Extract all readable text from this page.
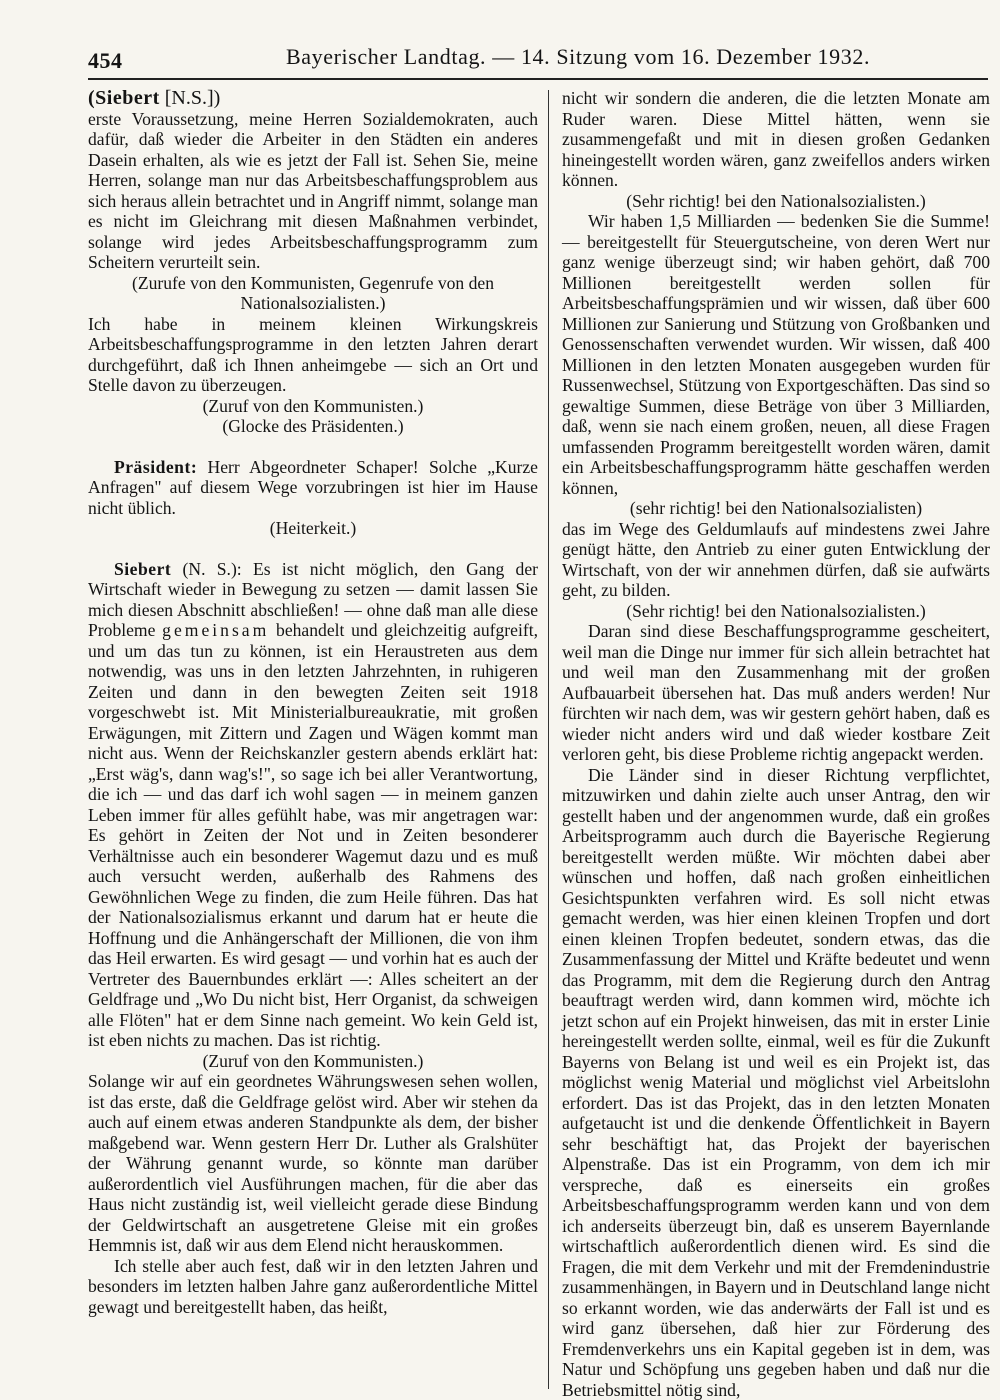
454	Bayerischer Landtag. — 14. Sitzung vom 16. Dezember 1932.

(Siebert [N.S.])

erste Voraussetzung, meine Herren Sozialdemokraten, auch dafür, daß wieder die Arbeiter in den Städten ein anderes Dasein erhalten, als wie es jetzt der Fall ist. Sehen Sie, meine Herren, solange man nur das Arbeitsbeschaffungsproblem aus sich heraus allein betrachtet und in Angriff nimmt, solange man es nicht im Gleichrang mit diesen Maßnahmen verbindet, solange wird jedes Arbeitsbeschaffungsprogramm zum Scheitern verurteilt sein.

(Zurufe von den Kommunisten, Gegenrufe von den Nationalsozialisten.)

Ich habe in meinem kleinen Wirkungskreis Arbeitsbeschaffungsprogramme in den letzten Jahren derart durchgeführt, daß ich Ihnen anheimgebe — sich an Ort und Stelle davon zu überzeugen.

(Zuruf von den Kommunisten.)

(Glocke des Präsidenten.)

Präsident: Herr Abgeordneter Schaper! Solche „Kurze Anfragen" auf diesem Wege vorzubringen ist hier im Hause nicht üblich.

(Heiterkeit.)

Siebert (N. S.): Es ist nicht möglich, den Gang der Wirtschaft wieder in Bewegung zu setzen — damit lassen Sie mich diesen Abschnitt abschließen! — ohne daß man alle diese Probleme gemeinsam behandelt und gleichzeitig aufgreift, und um das tun zu können, ist ein Heraustreten aus dem notwendig, was uns in den letzten Jahrzehnten, in ruhigeren Zeiten und dann in den bewegten Zeiten seit 1918 vorgeschwebt ist. Mit Ministerialbureaukratie, mit großen Erwägungen, mit Zittern und Zagen und Wägen kommt man nicht aus. Wenn der Reichskanzler gestern abends erklärt hat: „Erst wäg's, dann wag's!", so sage ich bei aller Verantwortung, die ich — und das darf ich wohl sagen — in meinem ganzen Leben immer für alles gefühlt habe, was mir angetragen war: Es gehört in Zeiten der Not und in Zeiten besonderer Verhältnisse auch ein besonderer Wagemut dazu und es muß auch versucht werden, außerhalb des Rahmens des Gewöhnlichen Wege zu finden, die zum Heile führen. Das hat der Nationalsozialismus erkannt und darum hat er heute die Hoffnung und die Anhängerschaft der Millionen, die von ihm das Heil erwarten. Es wird gesagt — und vorhin hat es auch der Vertreter des Bauernbundes erklärt —: Alles scheitert an der Geldfrage und „Wo Du nicht bist, Herr Organist, da schweigen alle Flöten" hat er dem Sinne nach gemeint. Wo kein Geld ist, ist eben nichts zu machen. Das ist richtig.

(Zuruf von den Kommunisten.)

Solange wir auf ein geordnetes Währungswesen sehen wollen, ist das erste, daß die Geldfrage gelöst wird. Aber wir stehen da auch auf einem etwas anderen Standpunkte als dem, der bisher maßgebend war. Wenn gestern Herr Dr. Luther als Gralshüter der Währung genannt wurde, so könnte man darüber außerordentlich viel Ausführungen machen, für die aber das Haus nicht zuständig ist, weil vielleicht gerade diese Bindung der Geldwirtschaft an ausgetretene Gleise mit ein großes Hemmnis ist, daß wir aus dem Elend nicht herauskommen.

Ich stelle aber auch fest, daß wir in den letzten Jahren und besonders im letzten halben Jahre ganz außerordentliche Mittel gewagt und bereitgestellt haben, das heißt,

nicht wir sondern die anderen, die die letzten Monate am Ruder waren. Diese Mittel hätten, wenn sie zusammengefaßt und mit in diesen großen Gedanken hineingestellt worden wären, ganz zweifellos anders wirken können.

(Sehr richtig! bei den Nationalsozialisten.)

Wir haben 1,5 Milliarden — bedenken Sie die Summe! — bereitgestellt für Steuergutscheine, von deren Wert nur ganz wenige überzeugt sind; wir haben gehört, daß 700 Millionen bereitgestellt werden sollen für Arbeitsbeschaffungsprämien und wir wissen, daß über 600 Millionen zur Sanierung und Stützung von Großbanken und Genossenschaften verwendet wurden. Wir wissen, daß 400 Millionen in den letzten Monaten ausgegeben wurden für Russenwechsel, Stützung von Exportgeschäften. Das sind so gewaltige Summen, diese Beträge von über 3 Milliarden, daß, wenn sie nach einem großen, neuen, all diese Fragen umfassenden Programm bereitgestellt worden wären, damit ein Arbeitsbeschaffungsprogramm hätte geschaffen werden können,

(sehr richtig! bei den Nationalsozialisten)

das im Wege des Geldumlaufs auf mindestens zwei Jahre genügt hätte, den Antrieb zu einer guten Entwicklung der Wirtschaft, von der wir annehmen dürfen, daß sie aufwärts geht, zu bilden.

(Sehr richtig! bei den Nationalsozialisten.)

Daran sind diese Beschaffungsprogramme gescheitert, weil man die Dinge nur immer für sich allein betrachtet hat und weil man den Zusammenhang mit der großen Aufbauarbeit übersehen hat. Das muß anders werden! Nur fürchten wir nach dem, was wir gestern gehört haben, daß es wieder nicht anders wird und daß wieder kostbare Zeit verloren geht, bis diese Probleme richtig angepackt werden.

Die Länder sind in dieser Richtung verpflichtet, mitzuwirken und dahin zielte auch unser Antrag, den wir gestellt haben und der angenommen wurde, daß ein großes Arbeitsprogramm auch durch die Bayerische Regierung bereitgestellt werden müßte. Wir möchten dabei aber wünschen und hoffen, daß nach großen einheitlichen Gesichtspunkten verfahren wird. Es soll nicht etwas gemacht werden, was hier einen kleinen Tropfen und dort einen kleinen Tropfen bedeutet, sondern etwas, das die Zusammenfassung der Mittel und Kräfte bedeutet und wenn das Programm, mit dem die Regierung durch den Antrag beauftragt werden wird, dann kommen wird, möchte ich jetzt schon auf ein Projekt hinweisen, das mit in erster Linie hereingestellt werden sollte, einmal, weil es für die Zukunft Bayerns von Belang ist und weil es ein Projekt ist, das möglichst wenig Material und möglichst viel Arbeitslohn erfordert. Das ist das Projekt, das in den letzten Monaten aufgetaucht ist und die denkende Öffentlichkeit in Bayern sehr beschäftigt hat, das Projekt der bayerischen Alpenstraße. Das ist ein Programm, von dem ich mir verspreche, daß es einerseits ein großes Arbeitsbeschaffungsprogramm werden kann und von dem ich anderseits überzeugt bin, daß es unserem Bayernlande wirtschaftlich außerordentlich dienen wird. Es sind die Fragen, die mit dem Verkehr und mit der Fremdenindustrie zusammenhängen, in Bayern und in Deutschland lange nicht so erkannt worden, wie das anderwärts der Fall ist und es wird ganz übersehen, daß hier zur Förderung des Fremdenverkehrs uns ein Kapital gegeben ist in dem, was Natur und Schöpfung uns gegeben haben und daß nur die Betriebsmittel nötig sind,
